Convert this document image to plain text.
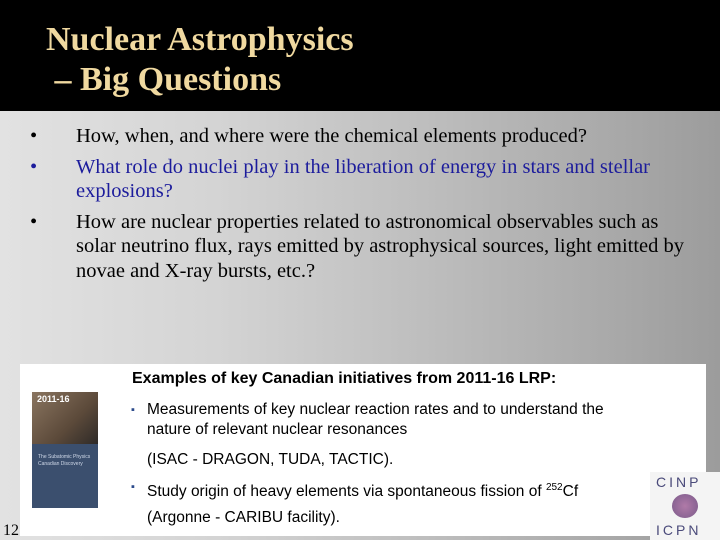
Nuclear Astrophysics
– Big Questions
• How, when, and where were the chemical elements produced?
• What role do nuclei play in the liberation of energy in stars and stellar explosions?
• How are nuclear properties related to astronomical observables such as solar neutrino flux, rays emitted by astrophysical sources, light emitted by novae and X-ray bursts, etc.?
2011-16
The Subatomic Physics Canadian Discovery
Examples of key Canadian initiatives from 2011-16 LRP:
▪ Measurements of key nuclear reaction rates and to understand the
nature of relevant nuclear resonances
(ISAC - DRAGON, TUDA, TACTIC).
▪ Study origin of heavy elements via spontaneous fission of $^{252}$Cf
(Argonne - CARIBU facility).
12
CINP
ICPN
